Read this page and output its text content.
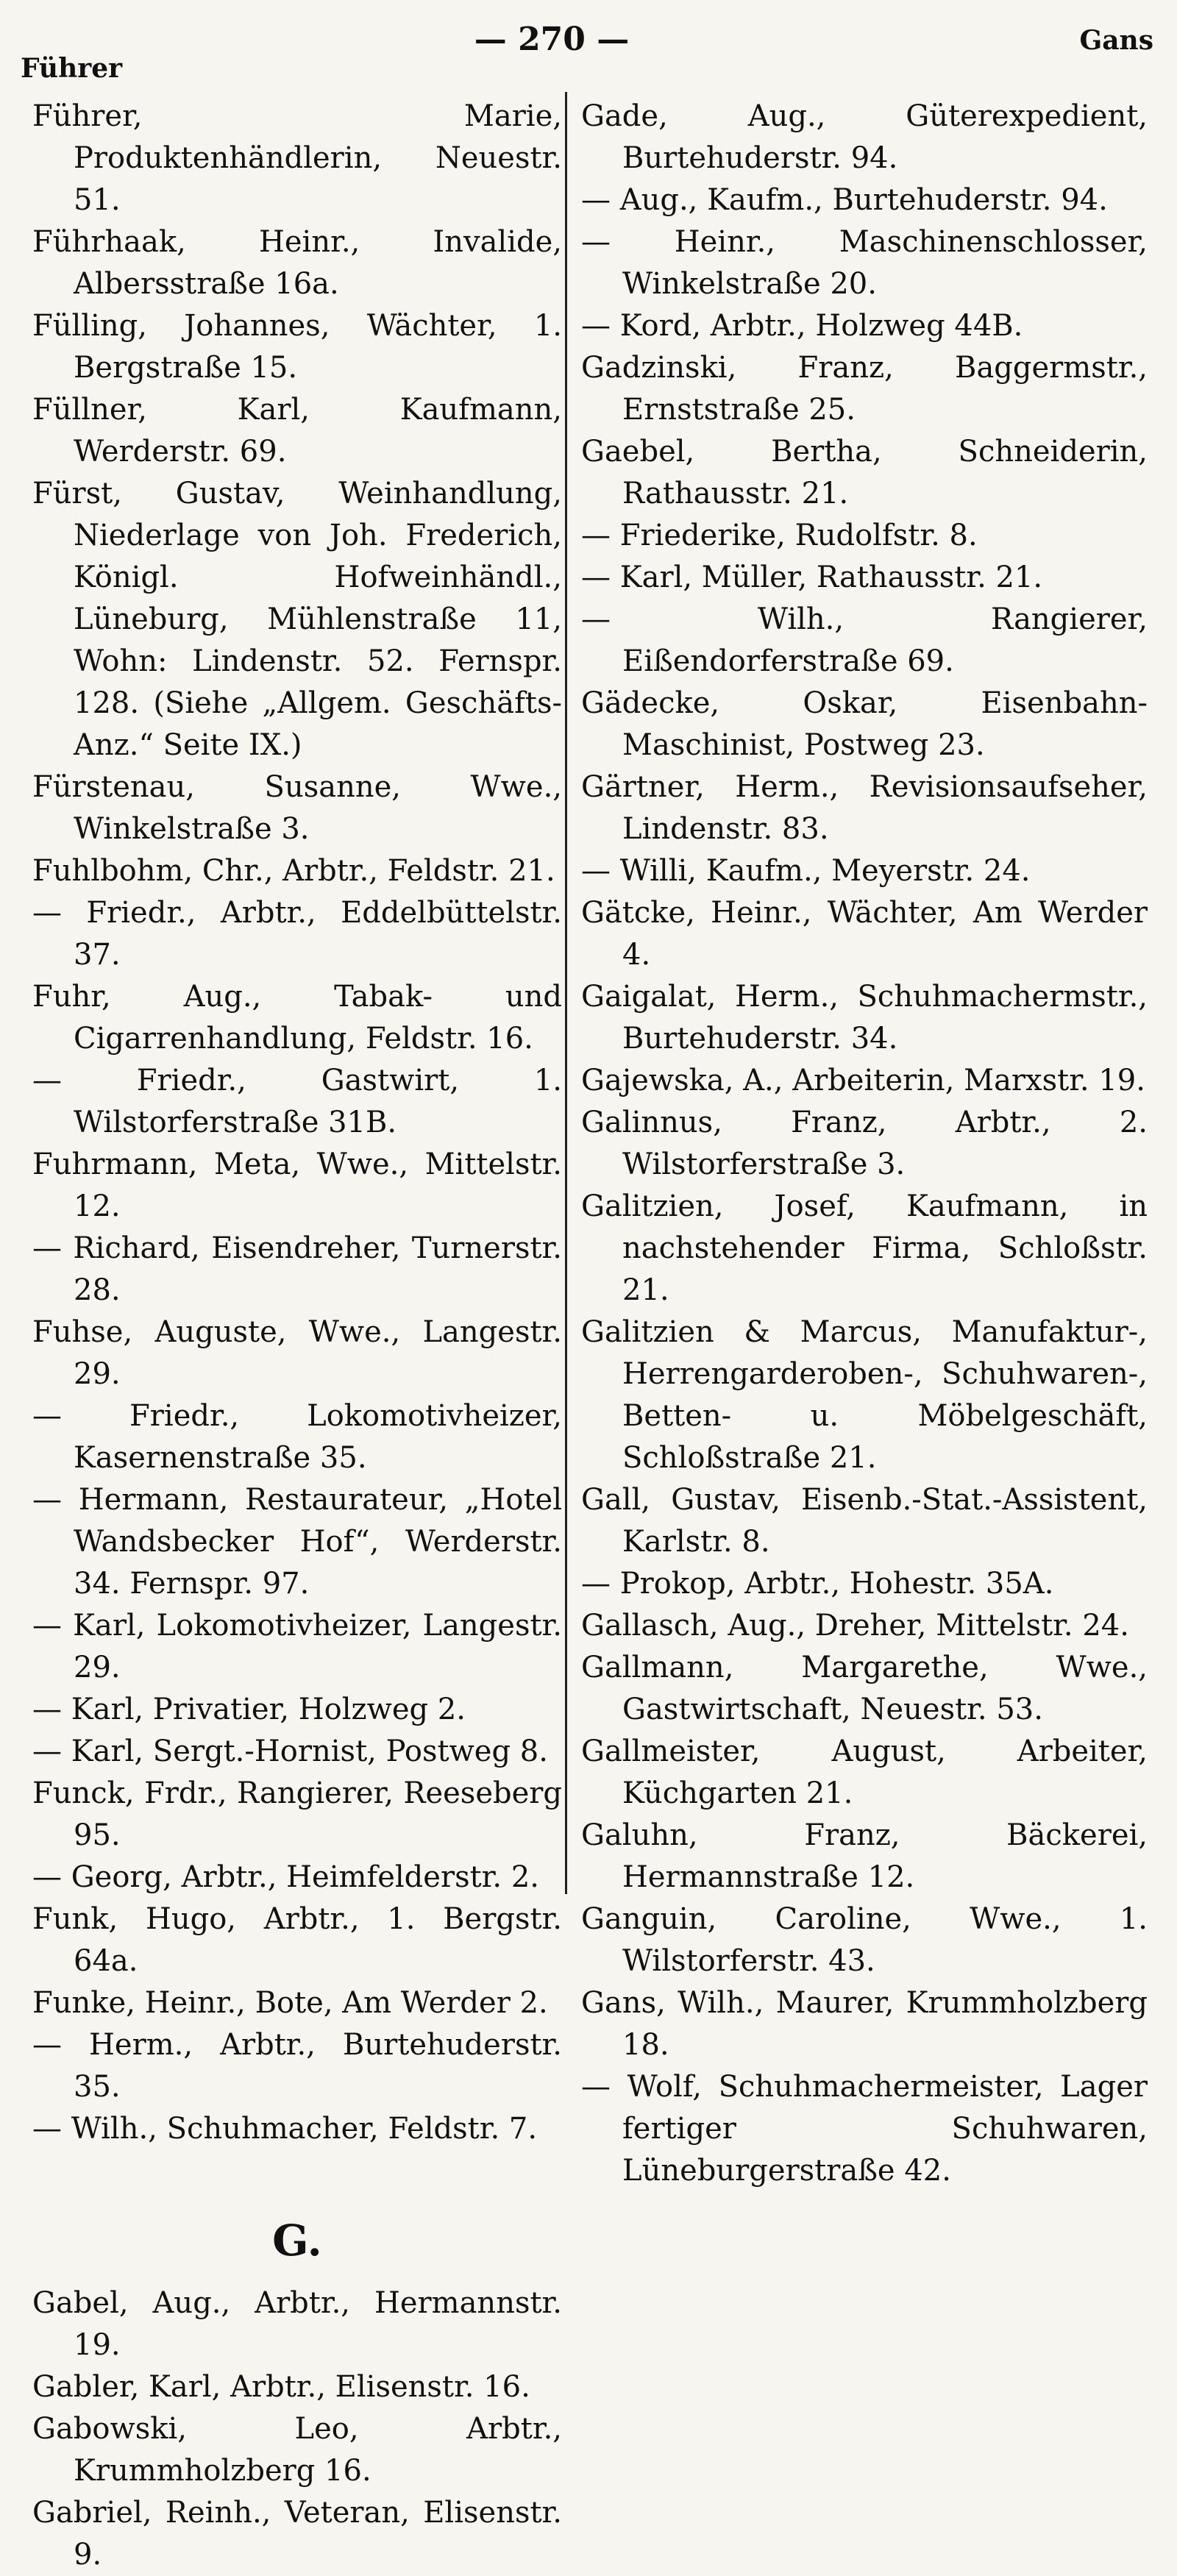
Führer
— 270 —	Gans
Führer, Marie, Produktenhändlerin, Neuestr. 51.
Führhaak, Heinr., Invalide, Albersstraße 16a.
Fülling, Johannes, Wächter, 1. Bergstraße 15.
Füllner, Karl, Kaufmann, Werderstr. 69.
Fürst, Gustav, Weinhandlung, Niederlage von Joh. Frederich, Königl. Hofweinhändl., Lüneburg, Mühlenstraße 11, Wohn: Lindenstr. 52. Fernspr. 128. (Siehe „Allgem. Geschäfts-Anz.“ Seite IX.)
Fürstenau, Susanne, Wwe., Winkelstraße 3.
Fuhlbohm, Chr., Arbtr., Feldstr. 21.
— Friedr., Arbtr., Eddelbüttelstr. 37.
Fuhr, Aug., Tabak- und Cigarrenhandlung, Feldstr. 16.
— Friedr., Gastwirt, 1. Wilstorferstraße 31B.
Fuhrmann, Meta, Wwe., Mittelstr. 12.
— Richard, Eisendreher, Turnerstr. 28.
Fuhse, Auguste, Wwe., Langestr. 29.
— Friedr., Lokomotivheizer, Kasernenstraße 35.
— Hermann, Restaurateur, „Hotel Wandsbecker Hof“, Werderstr. 34. Fernspr. 97.
— Karl, Lokomotivheizer, Langestr. 29.
— Karl, Privatier, Holzweg 2.
— Karl, Sergt.-Hornist, Postweg 8.
Funck, Frdr., Rangierer, Reeseberg 95.
— Georg, Arbtr., Heimfelderstr. 2.
Funk, Hugo, Arbtr., 1. Bergstr. 64a.
Funke, Heinr., Bote, Am Werder 2.
— Herm., Arbtr., Burtehuderstr. 35.
— Wilh., Schuhmacher, Feldstr. 7.
G.
Gabel, Aug., Arbtr., Hermannstr. 19.
Gabler, Karl, Arbtr., Elisenstr. 16.
Gabowski, Leo, Arbtr., Krummholzberg 16.
Gabriel, Reinh., Veteran, Elisenstr. 9.
Gade, Aug., Güterexpedient, Burtehuderstr. 94.
— Aug., Kaufm., Burtehuderstr. 94.
— Heinr., Maschinenschlosser, Winkelstraße 20.
— Kord, Arbtr., Holzweg 44B.
Gadzinski, Franz, Baggermstr., Ernststraße 25.
Gaebel, Bertha, Schneiderin, Rathausstr. 21.
— Friederike, Rudolfstr. 8.
— Karl, Müller, Rathausstr. 21.
— Wilh., Rangierer, Eißendorferstraße 69.
Gädecke, Oskar, Eisenbahn-Maschinist, Postweg 23.
Gärtner, Herm., Revisionsaufseher, Lindenstr. 83.
— Willi, Kaufm., Meyerstr. 24.
Gätcke, Heinr., Wächter, Am Werder 4.
Gaigalat, Herm., Schuhmachermstr., Burtehuderstr. 34.
Gajewska, A., Arbeiterin, Marxstr. 19.
Galinnus, Franz, Arbtr., 2. Wilstorferstraße 3.
Galitzien, Josef, Kaufmann, in nachstehender Firma, Schloßstr. 21.
Galitzien & Marcus, Manufaktur-, Herrengarderoben-, Schuhwaren-, Betten- u. Möbelgeschäft, Schloßstraße 21.
Gall, Gustav, Eisenb.-Stat.-Assistent, Karlstr. 8.
— Prokop, Arbtr., Hohestr. 35A.
Gallasch, Aug., Dreher, Mittelstr. 24.
Gallmann, Margarethe, Wwe., Gastwirtschaft, Neuestr. 53.
Gallmeister, August, Arbeiter, Küchgarten 21.
Galuhn, Franz, Bäckerei, Hermannstraße 12.
Ganguin, Caroline, Wwe., 1. Wilstorferstr. 43.
Gans, Wilh., Maurer, Krummholzberg 18.
— Wolf, Schuhmachermeister, Lager fertiger Schuhwaren, Lüneburgerstraße 42.
